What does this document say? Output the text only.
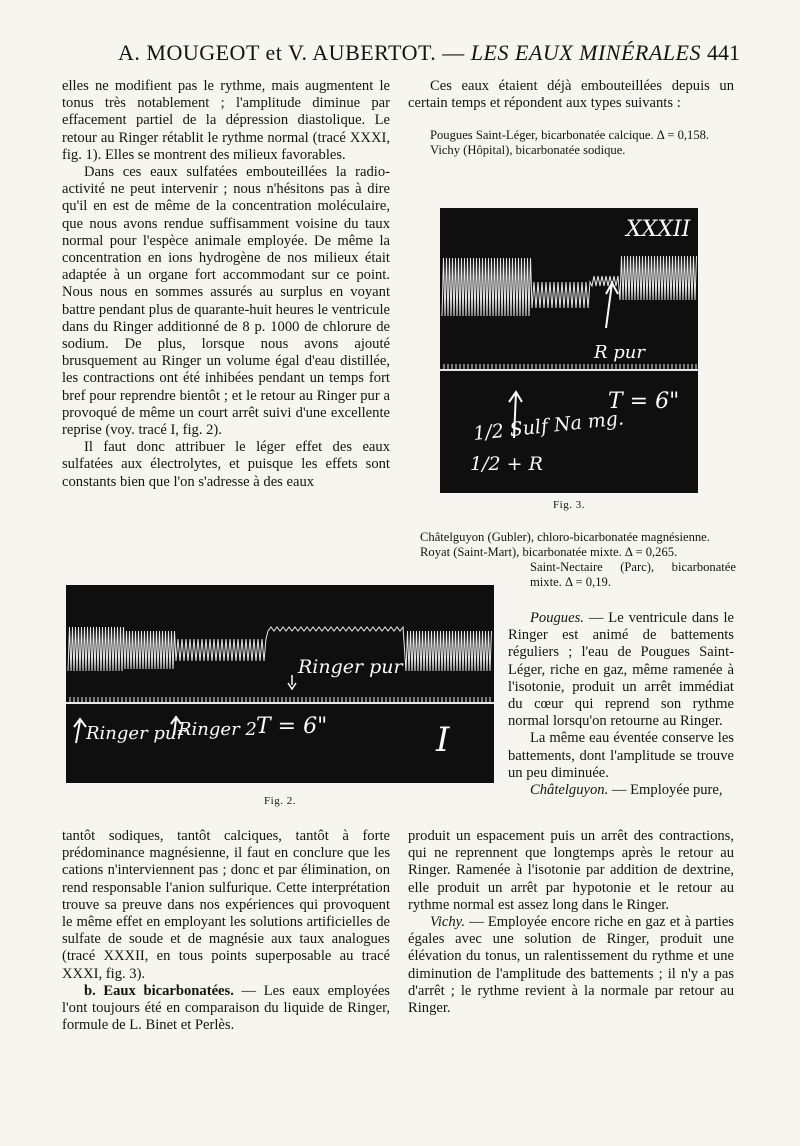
A. MOUGEOT et V. AUBERTOT. — LES EAUX MINÉRALES 441

elles ne modifient pas le rythme, mais augmentent le tonus très notablement ; l'amplitude diminue par effacement partiel de la dépression diastolique. Le retour au Ringer rétablit le rythme normal (tracé XXXI, fig. 1). Elles se montrent des milieux favorables.

Dans ces eaux sulfatées embouteillées la radio-activité ne peut intervenir ; nous n'hésitons pas à dire qu'il en est de même de la concentration moléculaire, que nous avons rendue suffisamment voisine du taux normal pour l'espèce animale employée. De même la concentration en ions hydrogène de nos milieux était adaptée à un organe fort accommodant sur ce point. Nous nous en sommes assurés au surplus en voyant battre pendant plus de quarante-huit heures le ventricule dans du Ringer additionné de 8 p. 1000 de chlorure de sodium. De plus, lorsque nous avons ajouté brusquement au Ringer un volume égal d'eau distillée, les contractions ont été inhibées pendant un temps fort bref pour reprendre bientôt ; et le retour au Ringer pur a provoqué de même un court arrêt suivi d'une excellente reprise (voy. tracé I, fig. 2).

Il faut donc attribuer le léger effet des eaux sulfatées aux électrolytes, et puisque les effets sont constants bien que l'on s'adresse à des eaux

Ces eaux étaient déjà embouteillées depuis un certain temps et répondent aux types suivants :

Pougues Saint-Léger, bicarbonatée calcique. Δ = 0,158.

Vichy (Hôpital), bicarbonatée sodique.

XXXII
R pur
T = 6"
1/2 Sulf Na mg.
1/2 + R
Fig. 3.

Châtelguyon (Gubler), chloro-bicarbonatée magnésienne.

Royat (Saint-Mart), bicarbonatée mixte. Δ = 0,265.

Saint-Nectaire (Parc), bicarbonatée mixte. Δ = 0,19.

Ringer pur
Ringer pur
Ringer 2 T = 6"	I
Fig. 2.

Pougues. — Le ventricule dans le Ringer est animé de battements réguliers ; l'eau de Pougues Saint-Léger, riche en gaz, même ramenée à l'isotonie, produit un arrêt immédiat du cœur qui reprend son rythme normal lorsqu'on retourne au Ringer.

La même eau éventée conserve les battements, dont l'amplitude se trouve un peu diminuée.

Châtelguyon. — Employée pure,

tantôt sodiques, tantôt calciques, tantôt à forte prédominance magnésienne, il faut en conclure que les cations n'interviennent pas ; donc et par élimination, on rend responsable l'anion sulfurique. Cette interprétation trouve sa preuve dans nos expériences qui provoquent le même effet en employant les solutions artificielles de sulfate de soude et de magnésie aux taux analogues (tracé XXXII, en tous points superposable au tracé XXXI, fig. 3).

b. Eaux bicarbonatées. — Les eaux employées l'ont toujours été en comparaison du liquide de Ringer, formule de L. Binet et Perlès.

produit un espacement puis un arrêt des contractions, qui ne reprennent que longtemps après le retour au Ringer. Ramenée à l'isotonie par addition de dextrine, elle produit un arrêt par hypotonie et le retour au rythme normal est assez long dans le Ringer.

Vichy. — Employée encore riche en gaz et à parties égales avec une solution de Ringer, produit une élévation du tonus, un ralentissement du rythme et une diminution de l'amplitude des battements ; il n'y a pas d'arrêt ; le rythme revient à la normale par retour au Ringer.
